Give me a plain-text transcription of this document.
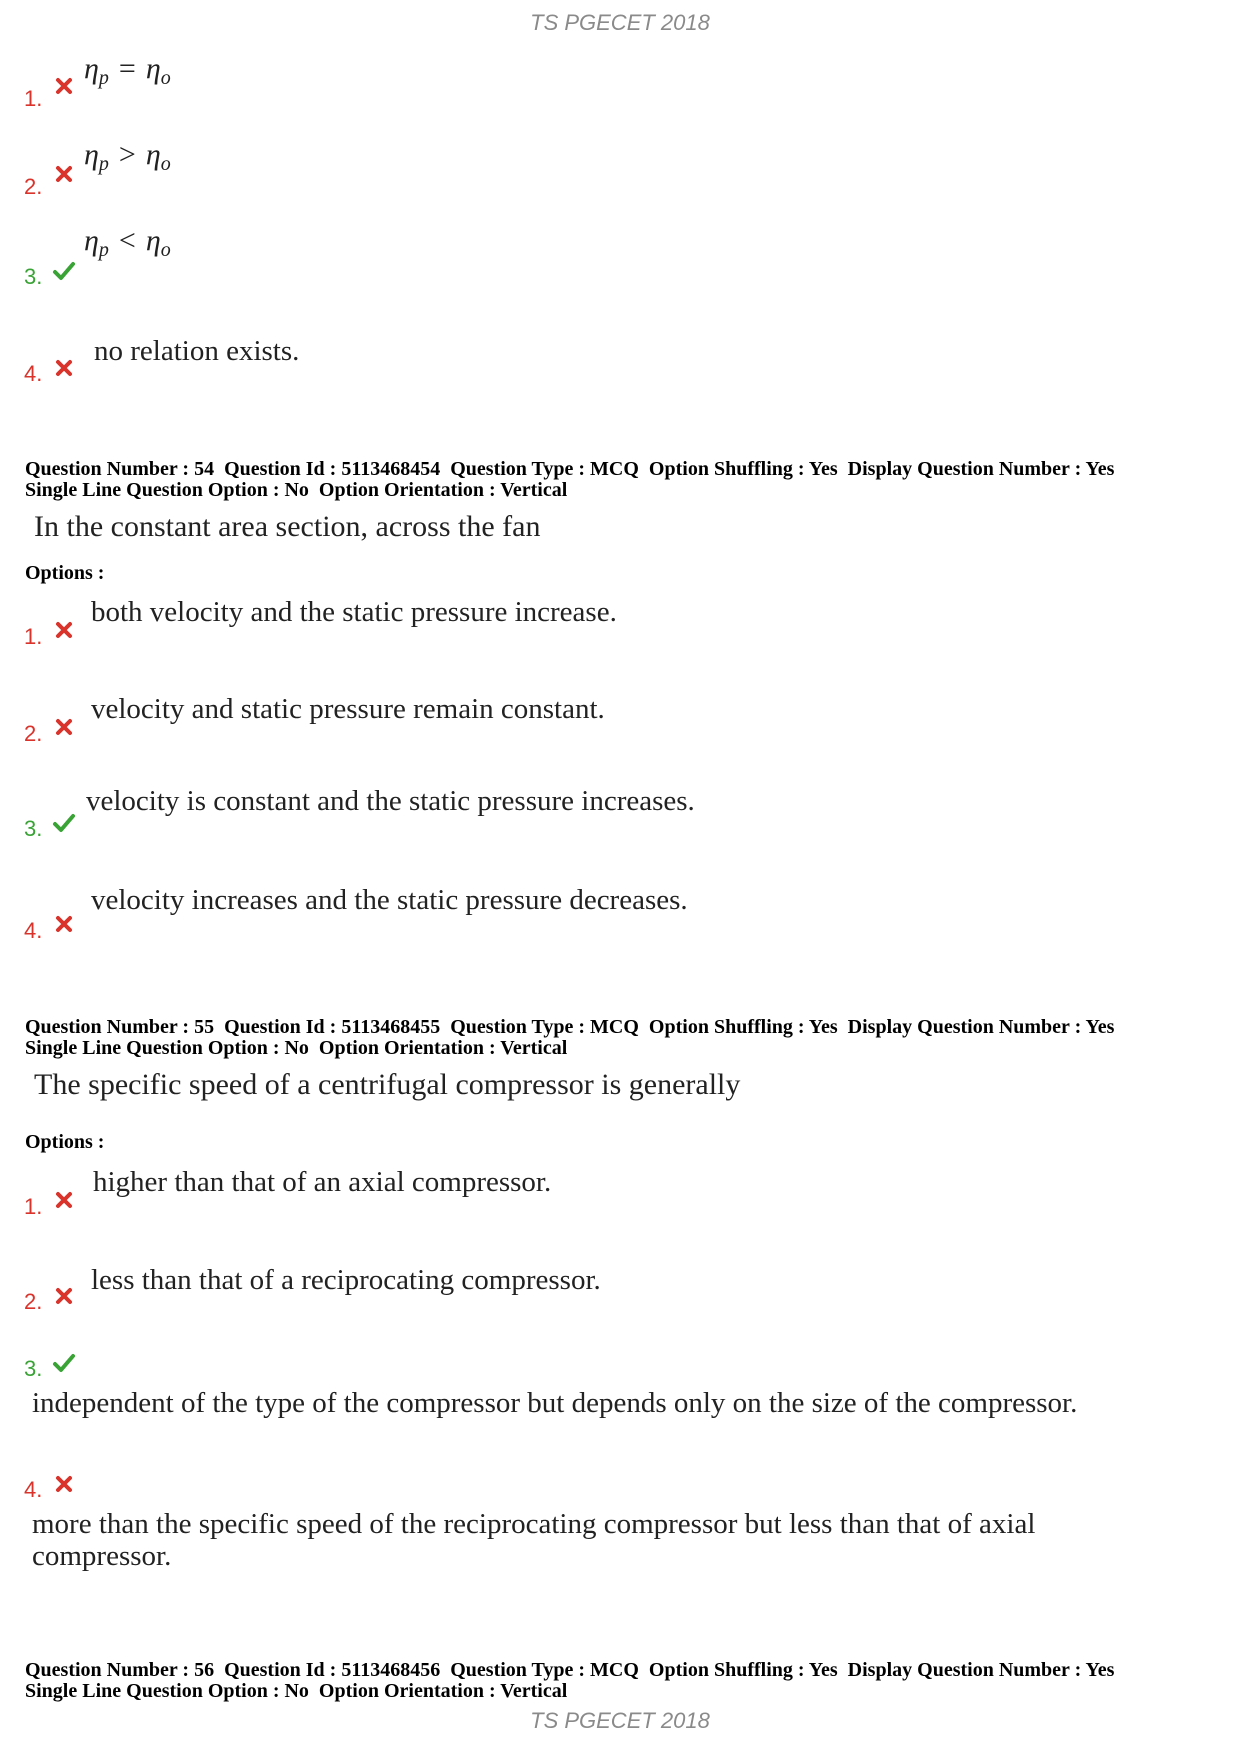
TS PGECET 2018
1.
$\eta_p = \eta_o$
2.
$\eta_p > \eta_o$
3.
$\eta_p < \eta_o$
4.
no relation exists.
Question Number : 54  Question Id : 5113468454  Question Type : MCQ  Option Shuffling : Yes  Display Question Number : Yes
Single Line Question Option : No  Option Orientation : Vertical
In the constant area section, across the fan
Options :
1.
both velocity and the static pressure increase.
2.
velocity and static pressure remain constant.
3.
velocity is constant and the static pressure increases.
4.
velocity increases and the static pressure decreases.
Question Number : 55  Question Id : 5113468455  Question Type : MCQ  Option Shuffling : Yes  Display Question Number : Yes
Single Line Question Option : No  Option Orientation : Vertical
The specific speed of a centrifugal compressor is generally
Options :
1.
higher than that of an axial compressor.
2.
less than that of a reciprocating compressor.
3.
independent of the type of the compressor but depends only on the size of the compressor.
4.
more than the specific speed of the reciprocating compressor but less than that of axial compressor.
Question Number : 56  Question Id : 5113468456  Question Type : MCQ  Option Shuffling : Yes  Display Question Number : Yes
Single Line Question Option : No  Option Orientation : Vertical
TS PGECET 2018
